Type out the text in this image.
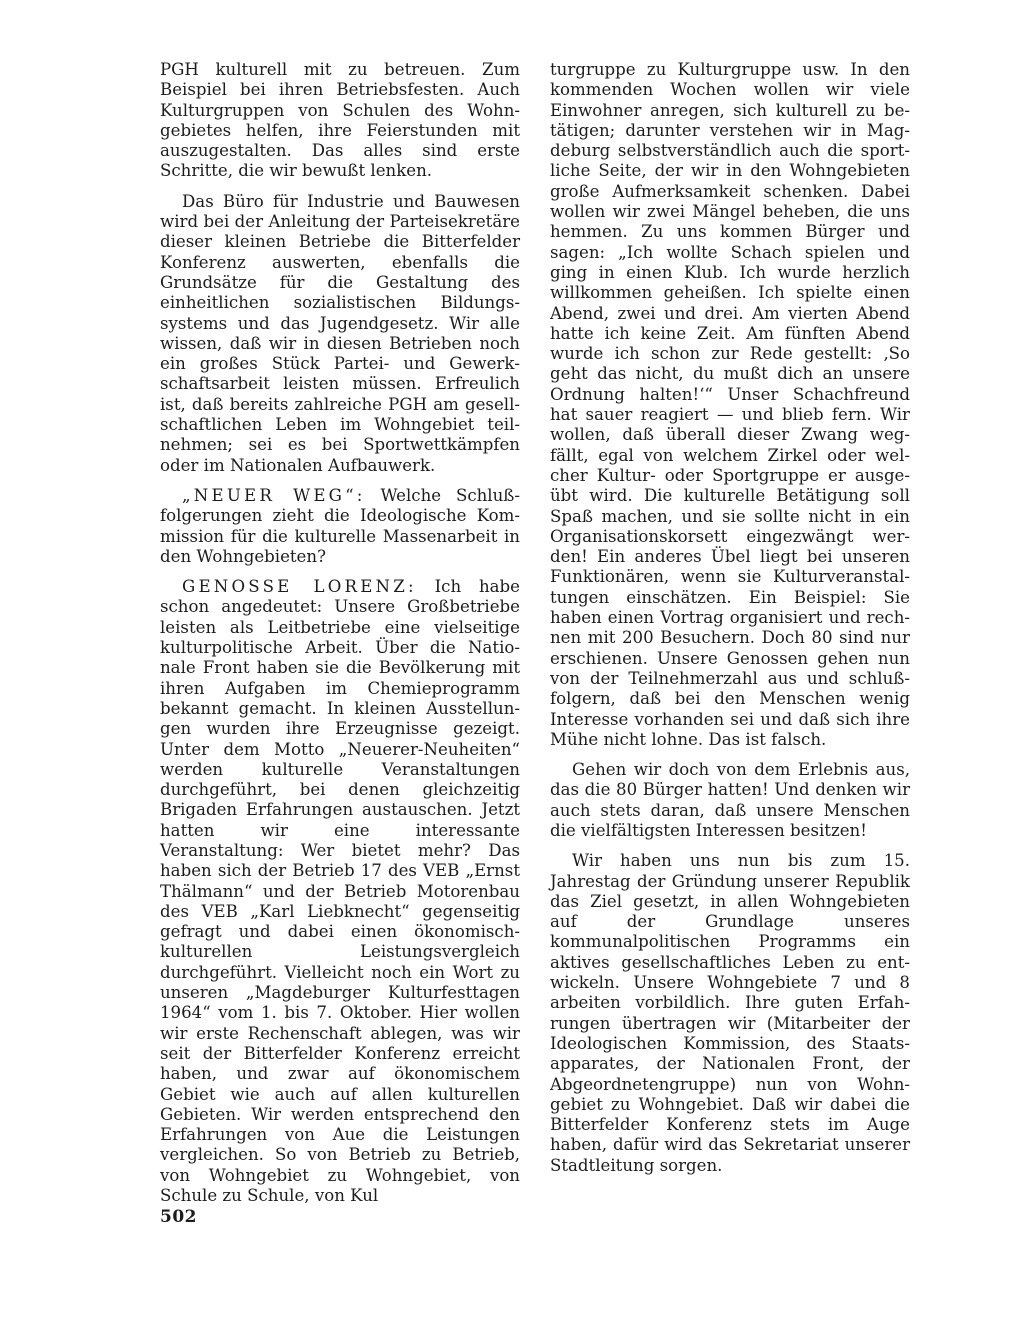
PGH kulturell mit zu betreuen. Zum Beispiel bei ihren Betriebsfesten. Auch Kulturgruppen von Schulen des Wohngebietes helfen, ihre Feierstunden mit auszugestalten. Das alles sind erste Schritte, die wir bewußt lenken.

Das Büro für Industrie und Bauwesen wird bei der Anleitung der Parteisekretäre dieser kleinen Betriebe die Bitterfelder Konferenz auswerten, ebenfalls die Grundsätze für die Gestaltung des einheitlichen sozialistischen Bildungssystems und das Jugendgesetz. Wir alle wissen, daß wir in diesen Betrieben noch ein großes Stück Partei- und Gewerkschaftsarbeit leisten müssen. Erfreulich ist, daß bereits zahlreiche PGH am gesellschaftlichen Leben im Wohngebiet teilnehmen; sei es bei Sportwettkämpfen oder im Nationalen Aufbauwerk.

„NEUER WEG“: Welche Schlußfolgerungen zieht die Ideologische Kommission für die kulturelle Massenarbeit in den Wohngebieten?

GENOSSE LORENZ: Ich habe schon angedeutet: Unsere Großbetriebe leisten als Leitbetriebe eine vielseitige kulturpolitische Arbeit. Über die Nationale Front haben sie die Bevölkerung mit ihren Aufgaben im Chemieprogramm bekannt gemacht. In kleinen Ausstellungen wurden ihre Erzeugnisse gezeigt. Unter dem Motto „Neuerer-Neuheiten“ werden kulturelle Veranstaltungen durchgeführt, bei denen gleichzeitig Brigaden Erfahrungen austauschen. Jetzt hatten wir eine interessante Veranstaltung: Wer bietet mehr? Das haben sich der Betrieb 17 des VEB „Ernst Thälmann“ und der Betrieb Motorenbau des VEB „Karl Liebknecht“ gegenseitig gefragt und dabei einen ökonomisch-kulturellen Leistungsvergleich durchgeführt. Vielleicht noch ein Wort zu unseren „Magdeburger Kulturfesttagen 1964“ vom 1. bis 7. Oktober. Hier wollen wir erste Rechenschaft ablegen, was wir seit der Bitterfelder Konferenz erreicht haben, und zwar auf ökonomischem Gebiet wie auch auf allen kulturellen Gebieten. Wir werden entsprechend den Erfahrungen von Aue die Leistungen vergleichen. So von Betrieb zu Betrieb, von Wohngebiet zu Wohngebiet, von Schule zu Schule, von Kul

turgruppe zu Kulturgruppe usw. In den kommenden Wochen wollen wir viele Einwohner anregen, sich kulturell zu betätigen; darunter verstehen wir in Magdeburg selbstverständlich auch die sportliche Seite, der wir in den Wohngebieten große Aufmerksamkeit schenken. Dabei wollen wir zwei Mängel beheben, die uns hemmen. Zu uns kommen Bürger und sagen: „Ich wollte Schach spielen und ging in einen Klub. Ich wurde herzlich willkommen geheißen. Ich spielte einen Abend, zwei und drei. Am vierten Abend hatte ich keine Zeit. Am fünften Abend wurde ich schon zur Rede gestellt: ‚So geht das nicht, du mußt dich an unsere Ordnung halten!‘“ Unser Schachfreund hat sauer reagiert — und blieb fern. Wir wollen, daß überall dieser Zwang wegfällt, egal von welchem Zirkel oder welcher Kultur- oder Sportgruppe er ausgeübt wird. Die kulturelle Betätigung soll Spaß machen, und sie sollte nicht in ein Organisationskorsett eingezwängt werden! Ein anderes Übel liegt bei unseren Funktionären, wenn sie Kulturveranstaltungen einschätzen. Ein Beispiel: Sie haben einen Vortrag organisiert und rechnen mit 200 Besuchern. Doch 80 sind nur erschienen. Unsere Genossen gehen nun von der Teilnehmerzahl aus und schlußfolgern, daß bei den Menschen wenig Interesse vorhanden sei und daß sich ihre Mühe nicht lohne. Das ist falsch.

Gehen wir doch von dem Erlebnis aus, das die 80 Bürger hatten! Und denken wir auch stets daran, daß unsere Menschen die vielfältigsten Interessen besitzen!

Wir haben uns nun bis zum 15. Jahrestag der Gründung unserer Republik das Ziel gesetzt, in allen Wohngebieten auf der Grundlage unseres kommunalpolitischen Programms ein aktives gesellschaftliches Leben zu entwickeln. Unsere Wohngebiete 7 und 8 arbeiten vorbildlich. Ihre guten Erfahrungen übertragen wir (Mitarbeiter der Ideologischen Kommission, des Staatsapparates, der Nationalen Front, der Abgeordnetengruppe) nun von Wohngebiet zu Wohngebiet. Daß wir dabei die Bitterfelder Konferenz stets im Auge haben, dafür wird das Sekretariat unserer Stadtleitung sorgen.

502
